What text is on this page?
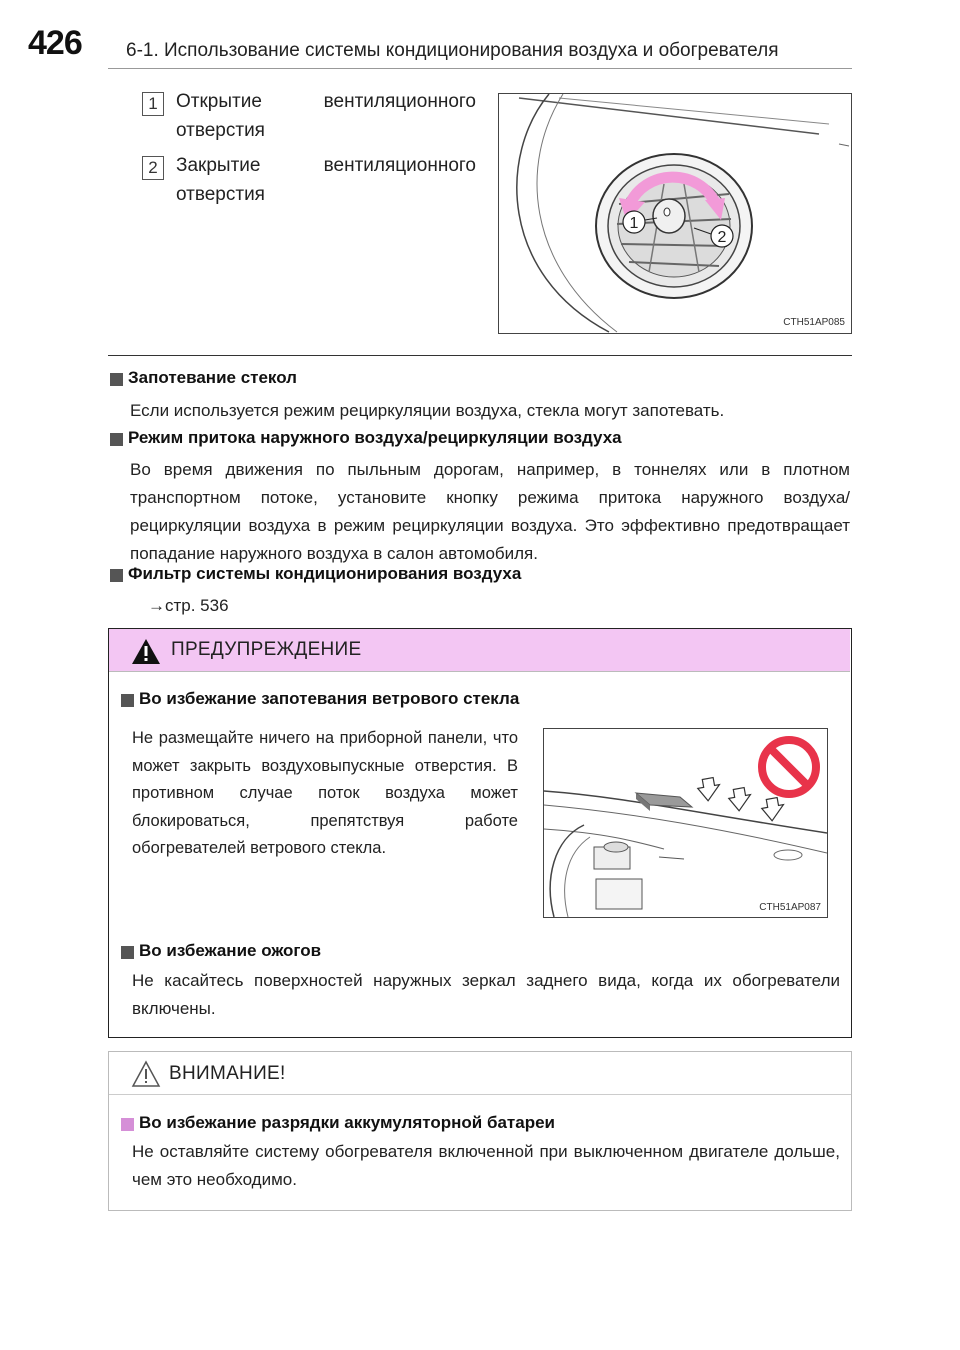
426 6-1. Использование системы кондиционирования воздуха и обогревателя
1 Открытие вентиляционного отверстия
2 Закрытие вентиляционного отверстия
1
2
CTH51AP085
Запотевание стекол
Если используется режим рециркуляции воздуха, стекла могут запотевать.
Режим притока наружного воздуха/рециркуляции воздуха
Во время движения по пыльным дорогам, например, в тоннелях или в плотном транспортном потоке, установите кнопку режима притока наружного воздуха/рециркуляции воздуха в режим рециркуляции воздуха. Это эффективно предотвращает попадание наружного воздуха в салон автомобиля.
Фильтр системы кондиционирования воздуха
→стр. 536
ПРЕДУПРЕЖДЕНИЕ
Во избежание запотевания ветрового стекла
Не размещайте ничего на приборной панели, что может закрыть воздуховыпускные отверстия. В противном случае поток воздуха может блокироваться, препятствуя работе обогревателей ветрового стекла.
CTH51AP087
Во избежание ожогов
Не касайтесь поверхностей наружных зеркал заднего вида, когда их обогреватели включены.
ВНИМАНИЕ!
Во избежание разрядки аккумуляторной батареи
Не оставляйте систему обогревателя включенной при выключенном двигателе дольше, чем это необходимо.
